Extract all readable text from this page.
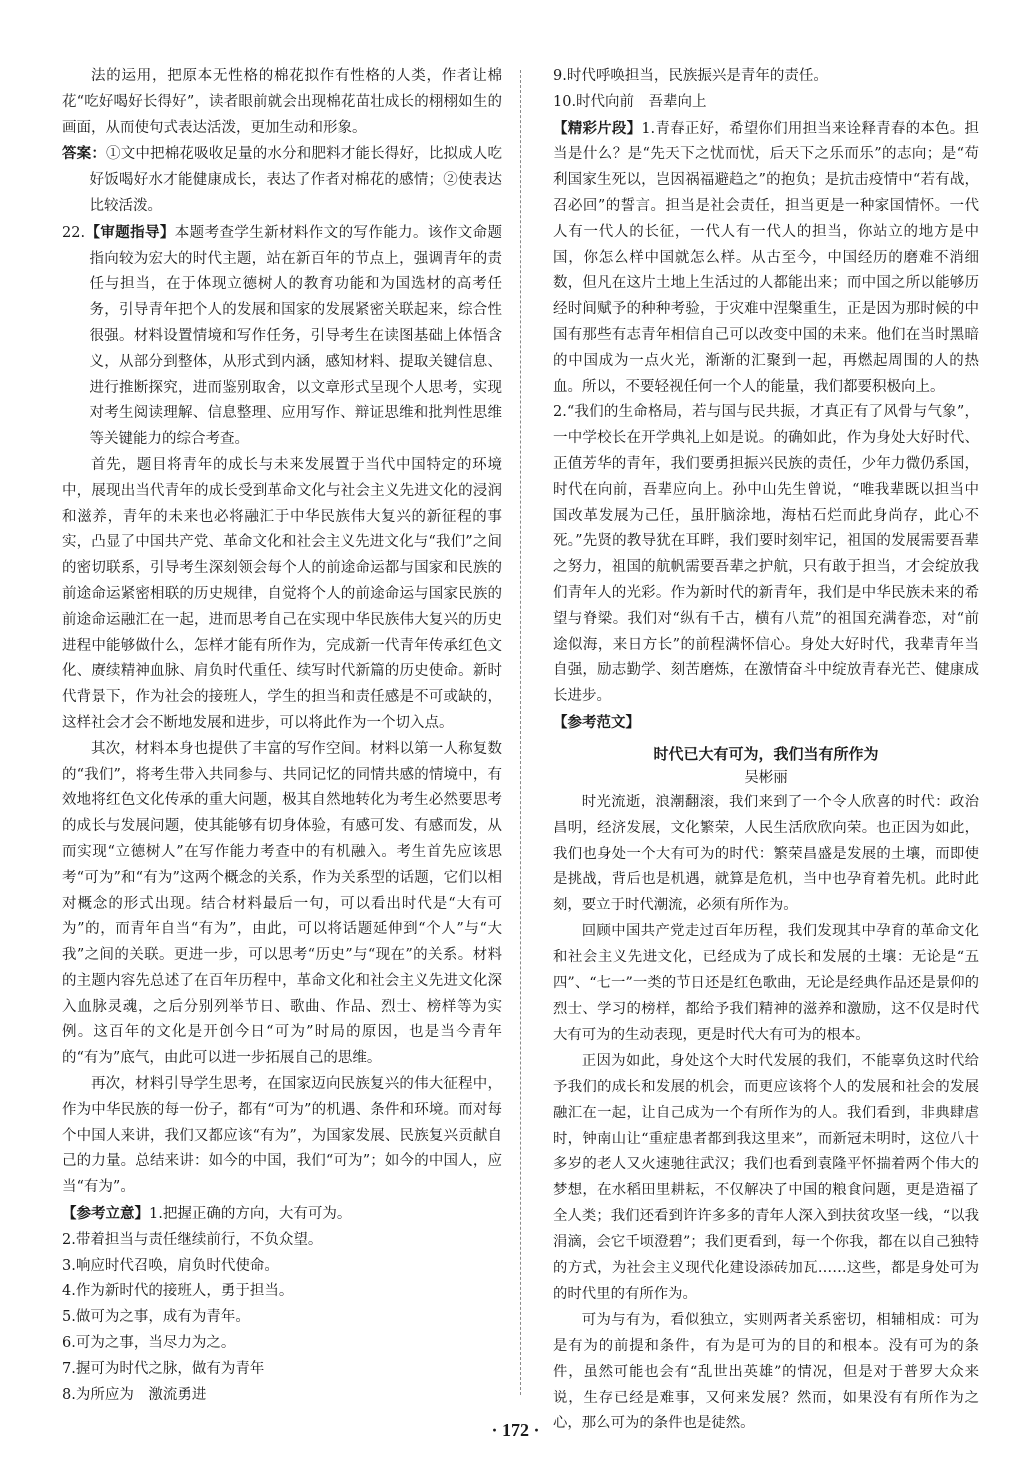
法的运用，把原本无性格的棉花拟作有性格的人类，作者让棉花“吃好喝好长得好”，读者眼前就会出现棉花苗壮成长的栩栩如生的画面，从而使句式表达活泼，更加生动和形象。

答案：①文中把棉花吸收足量的水分和肥料才能长得好，比拟成人吃好饭喝好水才能健康成长，表达了作者对棉花的感情；②使表达比较活泼。

22.【审题指导】本题考查学生新材料作文的写作能力。该作文命题指向较为宏大的时代主题，站在新百年的节点上，强调青年的责任与担当，在于体现立德树人的教育功能和为国选材的高考任务，引导青年把个人的发展和国家的发展紧密关联起来，综合性很强。材料设置情境和写作任务，引导考生在读图基础上体悟含义，从部分到整体，从形式到内涵，感知材料、提取关键信息、进行推断探究，进而鉴别取舍，以文章形式呈现个人思考，实现对考生阅读理解、信息整理、应用写作、辩证思维和批判性思维等关键能力的综合考查。

首先，题目将青年的成长与未来发展置于当代中国特定的环境中，展现出当代青年的成长受到革命文化与社会主义先进文化的浸润和滋养，青年的未来也必将融汇于中华民族伟大复兴的新征程的事实，凸显了中国共产党、革命文化和社会主义先进文化与“我们”之间的密切联系，引导考生深刻领会每个人的前途命运都与国家和民族的前途命运紧密相联的历史规律，自觉将个人的前途命运与国家民族的前途命运融汇在一起，进而思考自己在实现中华民族伟大复兴的历史进程中能够做什么，怎样才能有所作为，完成新一代青年传承红色文化、赓续精神血脉、肩负时代重任、续写时代新篇的历史使命。新时代背景下，作为社会的接班人，学生的担当和责任感是不可或缺的，这样社会才会不断地发展和进步，可以将此作为一个切入点。

其次，材料本身也提供了丰富的写作空间。材料以第一人称复数的“我们”，将考生带入共同参与、共同记忆的同情共感的情境中，有效地将红色文化传承的重大问题，极其自然地转化为考生必然要思考的成长与发展问题，使其能够有切身体验，有感可发、有感而发，从而实现“立德树人”在写作能力考查中的有机融入。考生首先应该思考“可为”和“有为”这两个概念的关系，作为关系型的话题，它们以相对概念的形式出现。结合材料最后一句，可以看出时代是“大有可为”的，而青年自当“有为”，由此，可以将话题延伸到“个人”与“大我”之间的关联。更进一步，可以思考“历史”与“现在”的关系。材料的主题内容先总述了在百年历程中，革命文化和社会主义先进文化深入血脉灵魂，之后分别列举节日、歌曲、作品、烈士、榜样等为实例。这百年的文化是开创今日“可为”时局的原因，也是当今青年的“有为”底气，由此可以进一步拓展自己的思维。

再次，材料引导学生思考，在国家迈向民族复兴的伟大征程中，作为中华民族的每一份子，都有“可为”的机遇、条件和环境。而对每个中国人来讲，我们又都应该“有为”，为国家发展、民族复兴贡献自己的力量。总结来讲：如今的中国，我们“可为”；如今的中国人，应当“有为”。

【参考立意】1.把握正确的方向，大有可为。

2.带着担当与责任继续前行，不负众望。

3.响应时代召唤，肩负时代使命。

4.作为新时代的接班人，勇于担当。

5.做可为之事，成有为青年。

6.可为之事，当尽力为之。

7.握可为时代之脉，做有为青年

8.为所应为　激流勇进

9.时代呼唤担当，民族振兴是青年的责任。

10.时代向前　吾辈向上

【精彩片段】1.青春正好，希望你们用担当来诠释青春的本色。担当是什么？是“先天下之忧而忧，后天下之乐而乐”的志向；是“苟利国家生死以，岂因祸福避趋之”的抱负；是抗击疫情中“若有战，召必回”的誓言。担当是社会责任，担当更是一种家国情怀。一代人有一代人的长征，一代人有一代人的担当，你站立的地方是中国，你怎么样中国就怎么样。从古至今，中国经历的磨难不消细数，但凡在这片土地上生活过的人都能出来；而中国之所以能够历经时间赋予的种种考验，于灾难中涅槃重生，正是因为那时候的中国有那些有志青年相信自己可以改变中国的未来。他们在当时黑暗的中国成为一点火光，渐渐的汇聚到一起，再燃起周围的人的热血。所以，不要轻视任何一个人的能量，我们都要积极向上。

2.“我们的生命格局，若与国与民共振，才真正有了风骨与气象”，一中学校长在开学典礼上如是说。的确如此，作为身处大好时代、正值芳华的青年，我们要勇担振兴民族的责任，少年力微仍系国，时代在向前，吾辈应向上。孙中山先生曾说，“唯我辈既以担当中国改革发展为己任，虽肝脑涂地，海枯石烂而此身尚存，此心不死。”先贤的教导犹在耳畔，我们要时刻牢记，祖国的发展需要吾辈之努力，祖国的航帆需要吾辈之护航，只有敢于担当，才会绽放我们青年人的光彩。作为新时代的新青年，我们是中华民族未来的希望与脊梁。我们对“纵有千古，横有八荒”的祖国充满眷恋，对“前途似海，来日方长”的前程满怀信心。身处大好时代，我辈青年当自强，励志勤学、刻苦磨炼，在激情奋斗中绽放青春光芒、健康成长进步。

【参考范文】

时代已大有可为，我们当有所作为

吴彬丽

时光流逝，浪潮翻滚，我们来到了一个令人欣喜的时代：政治昌明，经济发展，文化繁荣，人民生活欣欣向荣。也正因为如此，我们也身处一个大有可为的时代：繁荣昌盛是发展的土壤，而即使是挑战，背后也是机遇，就算是危机，当中也孕育着先机。此时此刻，要立于时代潮流，必须有所作为。

回顾中国共产党走过百年历程，我们发现其中孕育的革命文化和社会主义先进文化，已经成为了成长和发展的土壤：无论是“五四”、“七一”一类的节日还是红色歌曲，无论是经典作品还是景仰的烈士、学习的榜样，都给予我们精神的滋养和激励，这不仅是时代大有可为的生动表现，更是时代大有可为的根本。

正因为如此，身处这个大时代发展的我们，不能辜负这时代给予我们的成长和发展的机会，而更应该将个人的发展和社会的发展融汇在一起，让自己成为一个有所作为的人。我们看到，非典肆虐时，钟南山让“重症患者都到我这里来”，而新冠未明时，这位八十多岁的老人又火速驰往武汉；我们也看到袁隆平怀揣着两个伟大的梦想，在水稻田里耕耘，不仅解决了中国的粮食问题，更是造福了全人类；我们还看到许许多多的青年人深入到扶贫攻坚一线，“以我涓滴，会它千顷澄碧”；我们更看到，每一个你我，都在以自己独特的方式，为社会主义现代化建设添砖加瓦……这些，都是身处可为的时代里的有所作为。

可为与有为，看似独立，实则两者关系密切，相辅相成：可为是有为的前提和条件，有为是可为的目的和根本。没有可为的条件，虽然可能也会有“乱世出英雄”的情况，但是对于普罗大众来说，生存已经是难事，又何来发展？然而，如果没有有所作为之心，那么可为的条件也是徒然。

· 172 ·
